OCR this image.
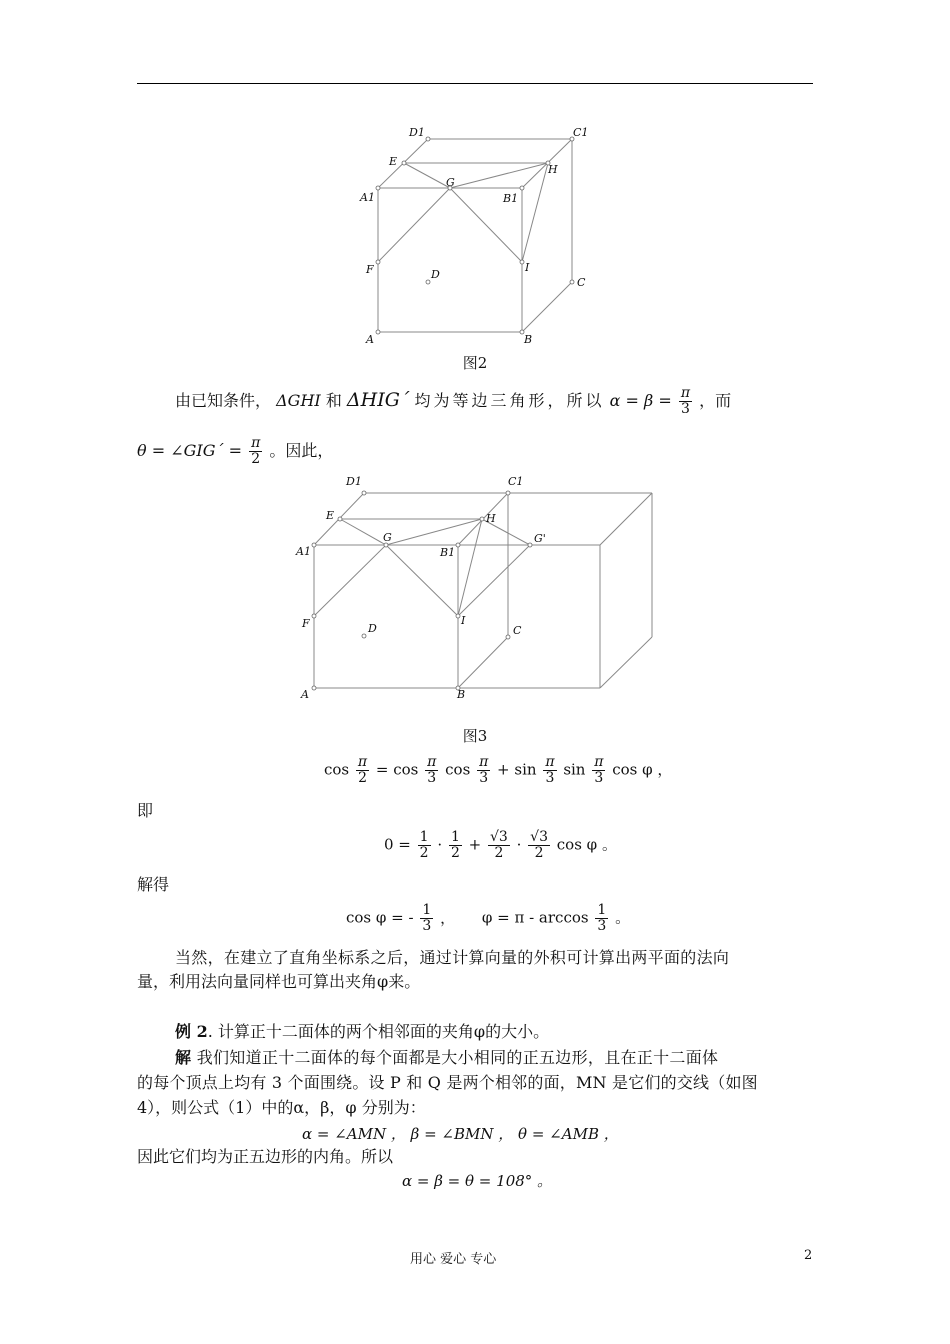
D1	C1
E
H
A1
G
B1
F	D
I
C
A	B
图2
由已知条件， ΔGHI 和 ΔHIG´ 均为等边三角形，所以 $\alpha = \beta = \frac{\pi}{3}$ ，而
θ = ∠GIG´ = $\frac{\pi}{2}$ 。因此，
D1	C1
E	H
A1
G
B1
G'
F	D
I
C
A	B
图3
$\cos \frac{\pi}{2} = \cos \frac{\pi}{3}$ $\cos \frac{\pi}{3} + \sin \frac{\pi}{3}$ $\sin \frac{\pi}{3}$ cos φ ，
即
$0 = \frac{1}{2} \cdot \frac{1}{2} + \frac{√3}{2} \cdot \frac{√3}{2}$ cos φ 。
解得
cos φ = - $\frac{1}{3}$ ， $\varphi = \pi - \arccos \frac{1}{3}$ 。
当然，在建立了直角坐标系之后，通过计算向量的外积可计算出两平面的法向
量，利用法向量同样也可算出夹角φ来。
例 2. 计算正十二面体的两个相邻面的夹角φ的大小。
解 我们知道正十二面体的每个面都是大小相同的正五边形，且在正十二面体
的每个顶点上均有 3 个面围绕。设 P 和 Q 是两个相邻的面，MN 是它们的交线（如图
4），则公式（1）中的α，β，φ 分别为：
α = ∠AMN ， β = ∠BMN ， θ = ∠AMB ，
因此它们均为正五边形的内角。所以
α = β = θ = 108° 。
用心 爱心 专心	2
